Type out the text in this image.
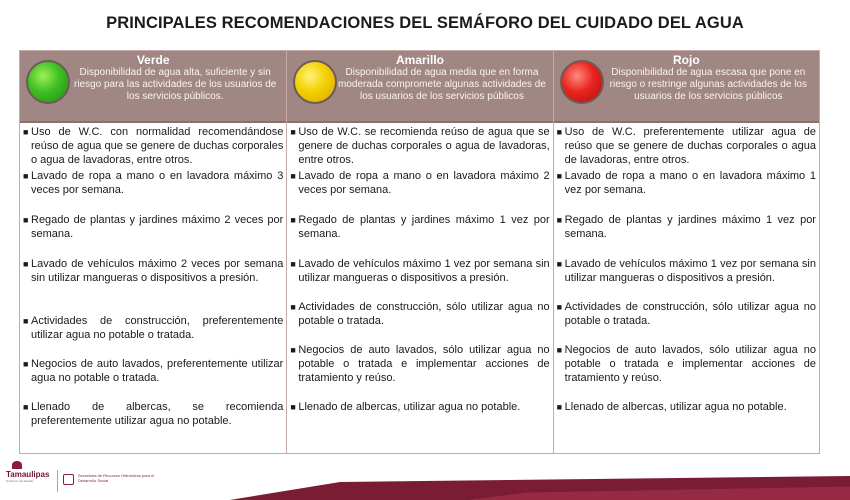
PRINCIPALES RECOMENDACIONES DEL SEMÁFORO DEL CUIDADO DEL AGUA
Verde
Disponibilidad de agua alta, suficiente y sin riesgo para las actividades de los usuarios de los servicios públicos.
■ Uso de W.C. con normalidad recomendándose reúso de agua que se genere de duchas corporales o agua de lavadoras, entre otros.
■ Lavado de ropa a mano o en lavadora máximo 3 veces por semana.
■ Regado de plantas y jardines máximo 2 veces por semana.
■ Lavado de vehículos máximo 2 veces por semana sin utilizar mangueras o dispositivos a presión.
■ Actividades de construcción, preferentemente utilizar agua no potable o tratada.
■ Negocios de auto lavados, preferentemente utilizar agua no potable o tratada.
■ Llenado de albercas, se recomienda preferentemente utilizar agua no potable.
Amarillo
Disponibilidad de agua media que en forma moderada compromete algunas actividades de los usuarios de los servicios públicos
■ Uso de W.C. se recomienda reúso de agua que se genere de duchas corporales o agua de lavadoras, entre otros.
■ Lavado de ropa a mano o en lavadora máximo 2 veces por semana.
■ Regado de plantas y jardines máximo 1 vez por semana.
■ Lavado de vehículos máximo 1 vez por semana sin utilizar mangueras o dispositivos a presión.
■ Actividades de construcción, sólo utilizar agua no potable o tratada.
■ Negocios de auto lavados, sólo utilizar agua no potable o tratada e implementar acciones de tratamiento y reúso.
■ Llenado de albercas, utilizar agua no potable.
Rojo
Disponibilidad de agua escasa que pone en riesgo o restringe algunas actividades de los usuarios de los servicios públicos
■ Uso de W.C. preferentemente utilizar agua de reúso que se genere de duchas corporales o agua de lavadoras, entre otros.
■ Lavado de ropa a mano o en lavadora máximo 1 vez por semana.
■ Regado de plantas y jardines máximo 1 vez por semana.
■ Lavado de vehículos máximo 1 vez por semana sin utilizar mangueras o dispositivos a presión.
■ Actividades de construcción, sólo utilizar agua no potable o tratada.
■ Negocios de auto lavados, sólo utilizar agua no potable o tratada e implementar acciones de tratamiento y reúso.
■ Llenado de albercas, utilizar agua no potable.
Tamaulipas
Gobierno del Estado
Secretaría de Recursos Hidráulicos para el Desarrollo Social
